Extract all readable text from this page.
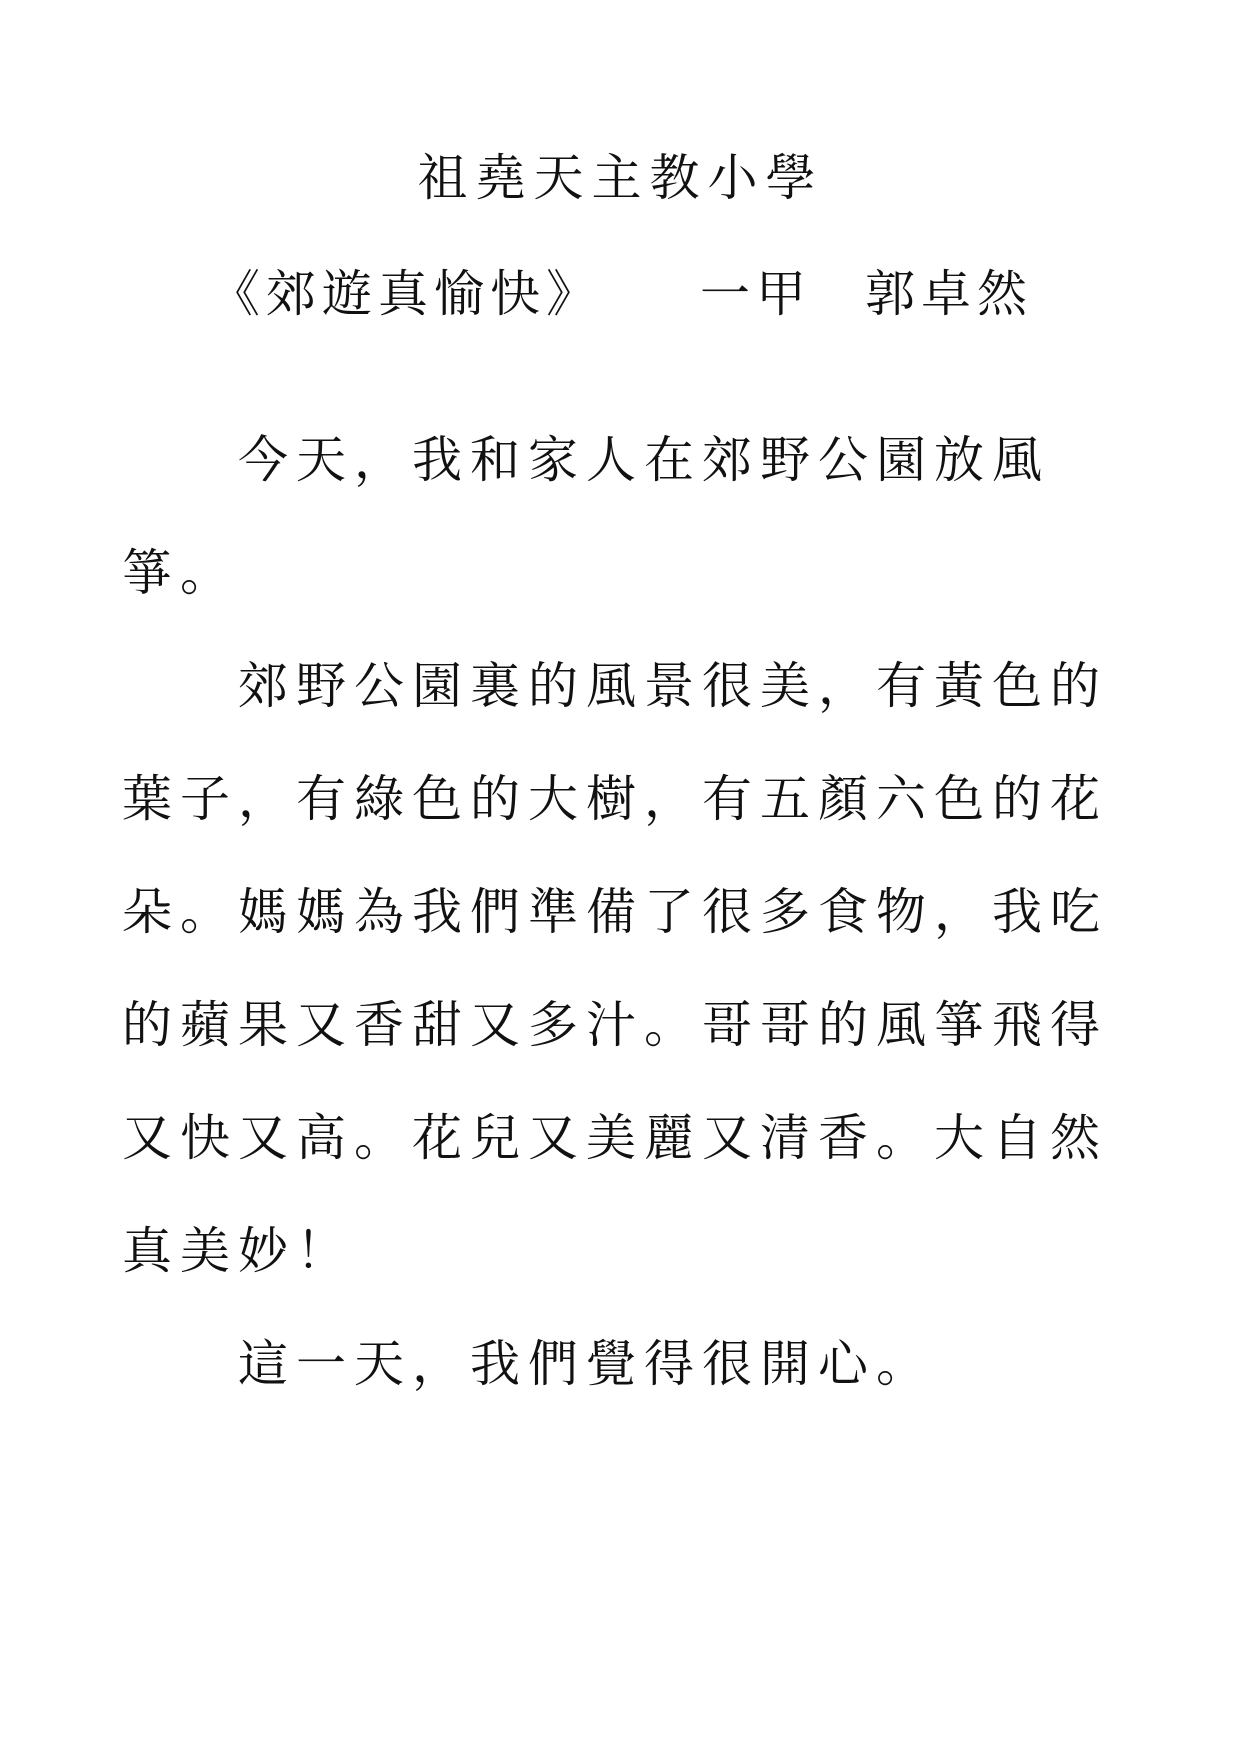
祖堯天主教小學
《郊遊真愉快》 一甲 郭卓然
今天，我和家人在郊野公園放風
箏。
郊野公園裏的風景很美，有黃色的
葉子，有綠色的大樹，有五顏六色的花
朵。媽媽為我們準備了很多食物，我吃
的蘋果又香甜又多汁。哥哥的風箏飛得
又快又高。花兒又美麗又清香。大自然
真美妙！
這一天，我們覺得很開心。
